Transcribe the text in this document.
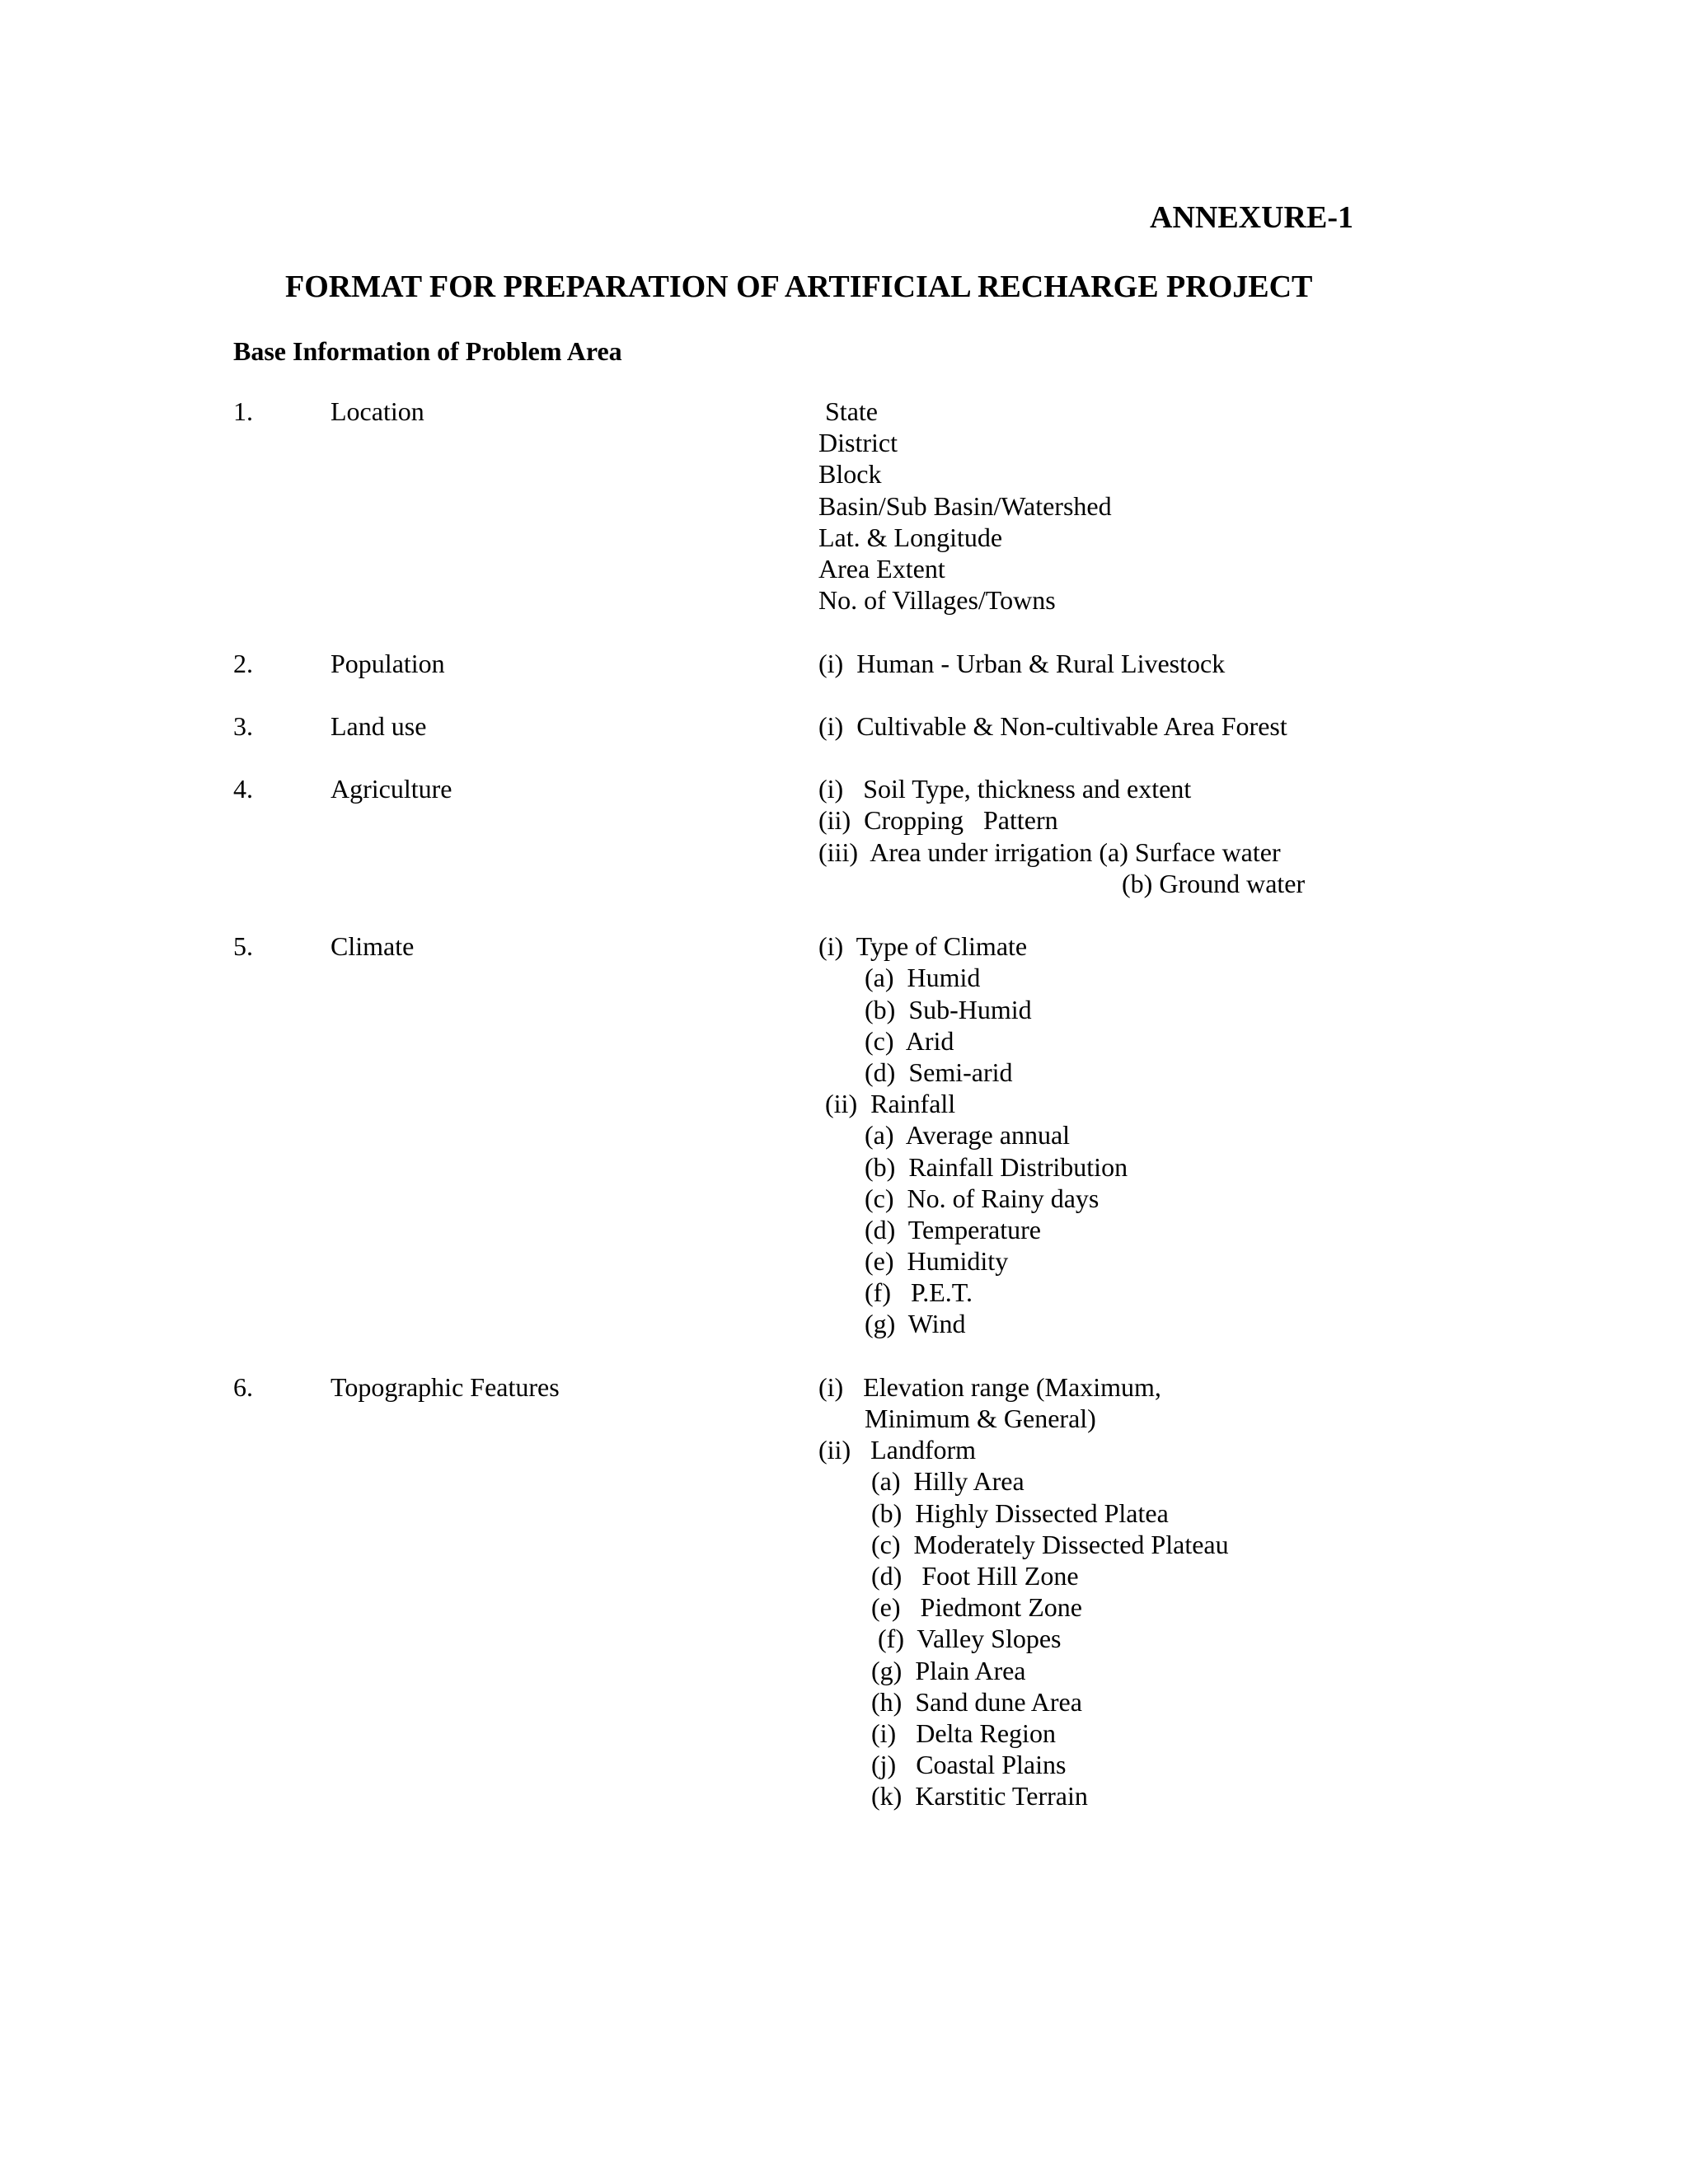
ANNEXURE-1
FORMAT FOR PREPARATION OF ARTIFICIAL RECHARGE PROJECT
Base Information of Problem Area
1.	Location	State
District
Block
Basin/Sub Basin/Watershed
Lat. & Longitude
Area Extent
No. of Villages/Towns
2.	Population	(i)  Human - Urban & Rural Livestock
3.	Land use	(i)  Cultivable & Non-cultivable Area Forest
4.	Agriculture	(i)   Soil Type, thickness and extent
(ii)  Cropping   Pattern
(iii)  Area under irrigation (a) Surface water
(b) Ground water
5.	Climate	(i)  Type of Climate
(a)  Humid
(b)  Sub-Humid
(c)  Arid
(d)  Semi-arid
(ii)  Rainfall
(a)  Average annual
(b)  Rainfall Distribution
(c)  No. of Rainy days
(d)  Temperature
(e)  Humidity
(f)   P.E.T.
(g)  Wind
6.	Topographic Features	(i)   Elevation range (Maximum,
Minimum & General)
(ii)   Landform
(a)  Hilly Area
(b)  Highly Dissected Platea
(c)  Moderately Dissected Plateau
(d)   Foot Hill Zone
(e)   Piedmont Zone
(f)  Valley Slopes
(g)  Plain Area
(h)  Sand dune Area
(i)   Delta Region
(j)   Coastal Plains
(k)  Karstitic Terrain
